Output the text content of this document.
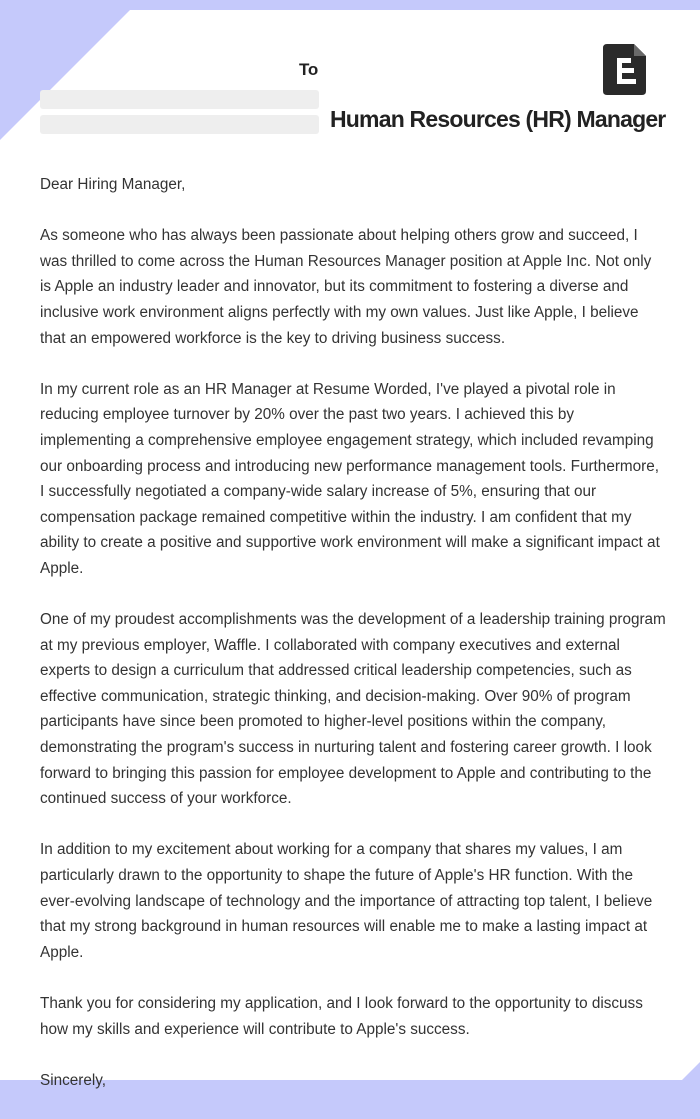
To
Human Resources (HR) Manager

Dear Hiring Manager,

As someone who has always been passionate about helping others grow and succeed, I was thrilled to come across the Human Resources Manager position at Apple Inc. Not only is Apple an industry leader and innovator, but its commitment to fostering a diverse and inclusive work environment aligns perfectly with my own values. Just like Apple, I believe that an empowered workforce is the key to driving business success.

In my current role as an HR Manager at Resume Worded, I've played a pivotal role in reducing employee turnover by 20% over the past two years. I achieved this by implementing a comprehensive employee engagement strategy, which included revamping our onboarding process and introducing new performance management tools. Furthermore, I successfully negotiated a company-wide salary increase of 5%, ensuring that our compensation package remained competitive within the industry. I am confident that my ability to create a positive and supportive work environment will make a significant impact at Apple.

One of my proudest accomplishments was the development of a leadership training program at my previous employer, Waffle. I collaborated with company executives and external experts to design a curriculum that addressed critical leadership competencies, such as effective communication, strategic thinking, and decision-making. Over 90% of program participants have since been promoted to higher-level positions within the company, demonstrating the program's success in nurturing talent and fostering career growth. I look forward to bringing this passion for employee development to Apple and contributing to the continued success of your workforce.

In addition to my excitement about working for a company that shares my values, I am particularly drawn to the opportunity to shape the future of Apple's HR function. With the ever-evolving landscape of technology and the importance of attracting top talent, I believe that my strong background in human resources will enable me to make a lasting impact at Apple.

Thank you for considering my application, and I look forward to the opportunity to discuss how my skills and experience will contribute to Apple's success.

Sincerely,
